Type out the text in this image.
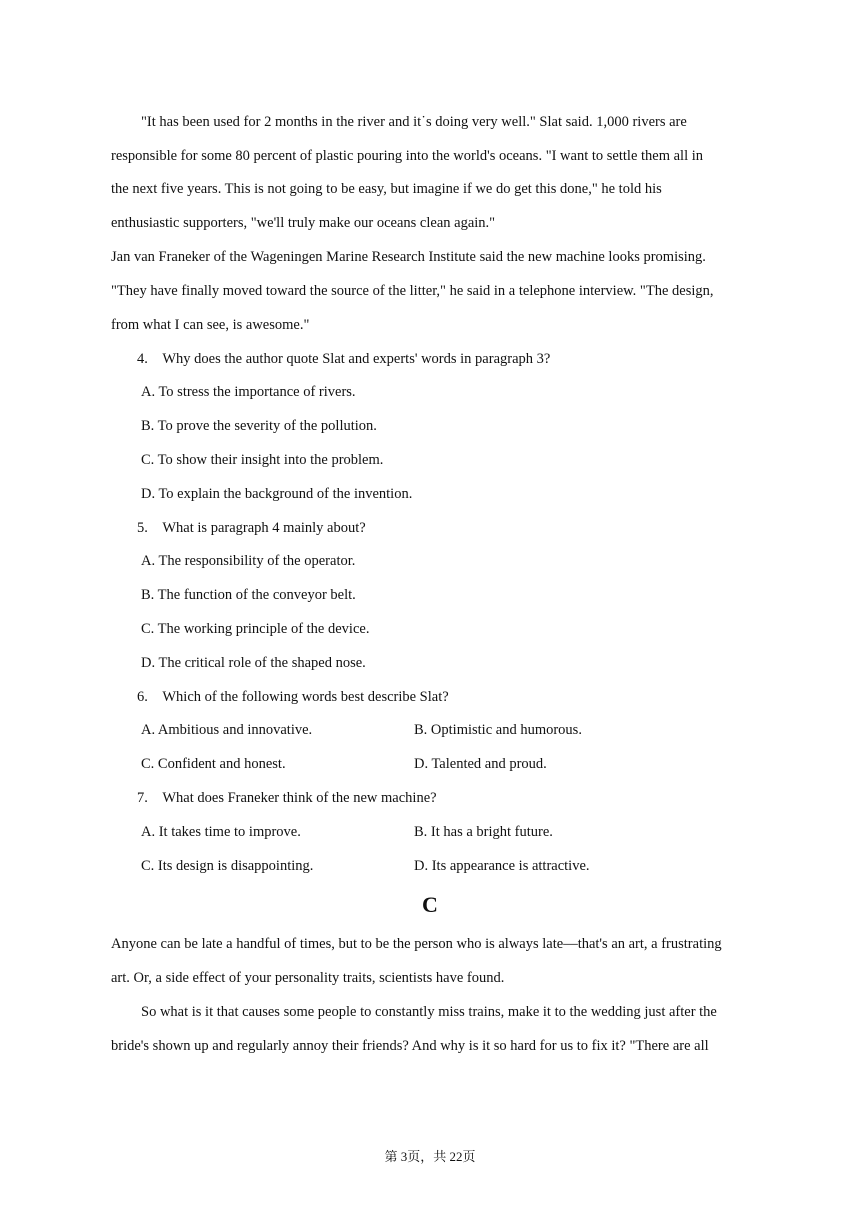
"It has been used for 2 months in the river and it˙s doing very well." Slat said. 1,000 rivers are
responsible for some 80 percent of plastic pouring into the world's oceans. "I want to settle them all in
the next five years. This is not going to be easy, but imagine if we do get this done," he told his
enthusiastic supporters, "we'll truly make our oceans clean again."
Jan van Franeker of the Wageningen Marine Research Institute said the new machine looks promising.
"They have finally moved toward the source of the litter," he said in a telephone interview. "The design,
from what I can see, is awesome."
4. Why does the author quote Slat and experts' words in paragraph 3?
A. To stress the importance of rivers.
B. To prove the severity of the pollution.
C. To show their insight into the problem.
D. To explain the background of the invention.
5. What is paragraph 4 mainly about?
A. The responsibility of the operator.
B. The function of the conveyor belt.
C. The working principle of the device.
D. The critical role of the shaped nose.
6. Which of the following words best describe Slat?
A. Ambitious and innovative.	B. Optimistic and humorous.
C. Confident and honest.	D. Talented and proud.
7. What does Franeker think of the new machine?
A. It takes time to improve.	B. It has a bright future.
C. Its design is disappointing.	D. Its appearance is attractive.
C
Anyone can be late a handful of times, but to be the person who is always late—that's an art, a frustrating
art. Or, a side effect of your personality traits, scientists have found.
So what is it that causes some people to constantly miss trains, make it to the wedding just after the
bride's shown up and regularly annoy their friends? And why is it so hard for us to fix it? "There are all
第 3页，共 22页
